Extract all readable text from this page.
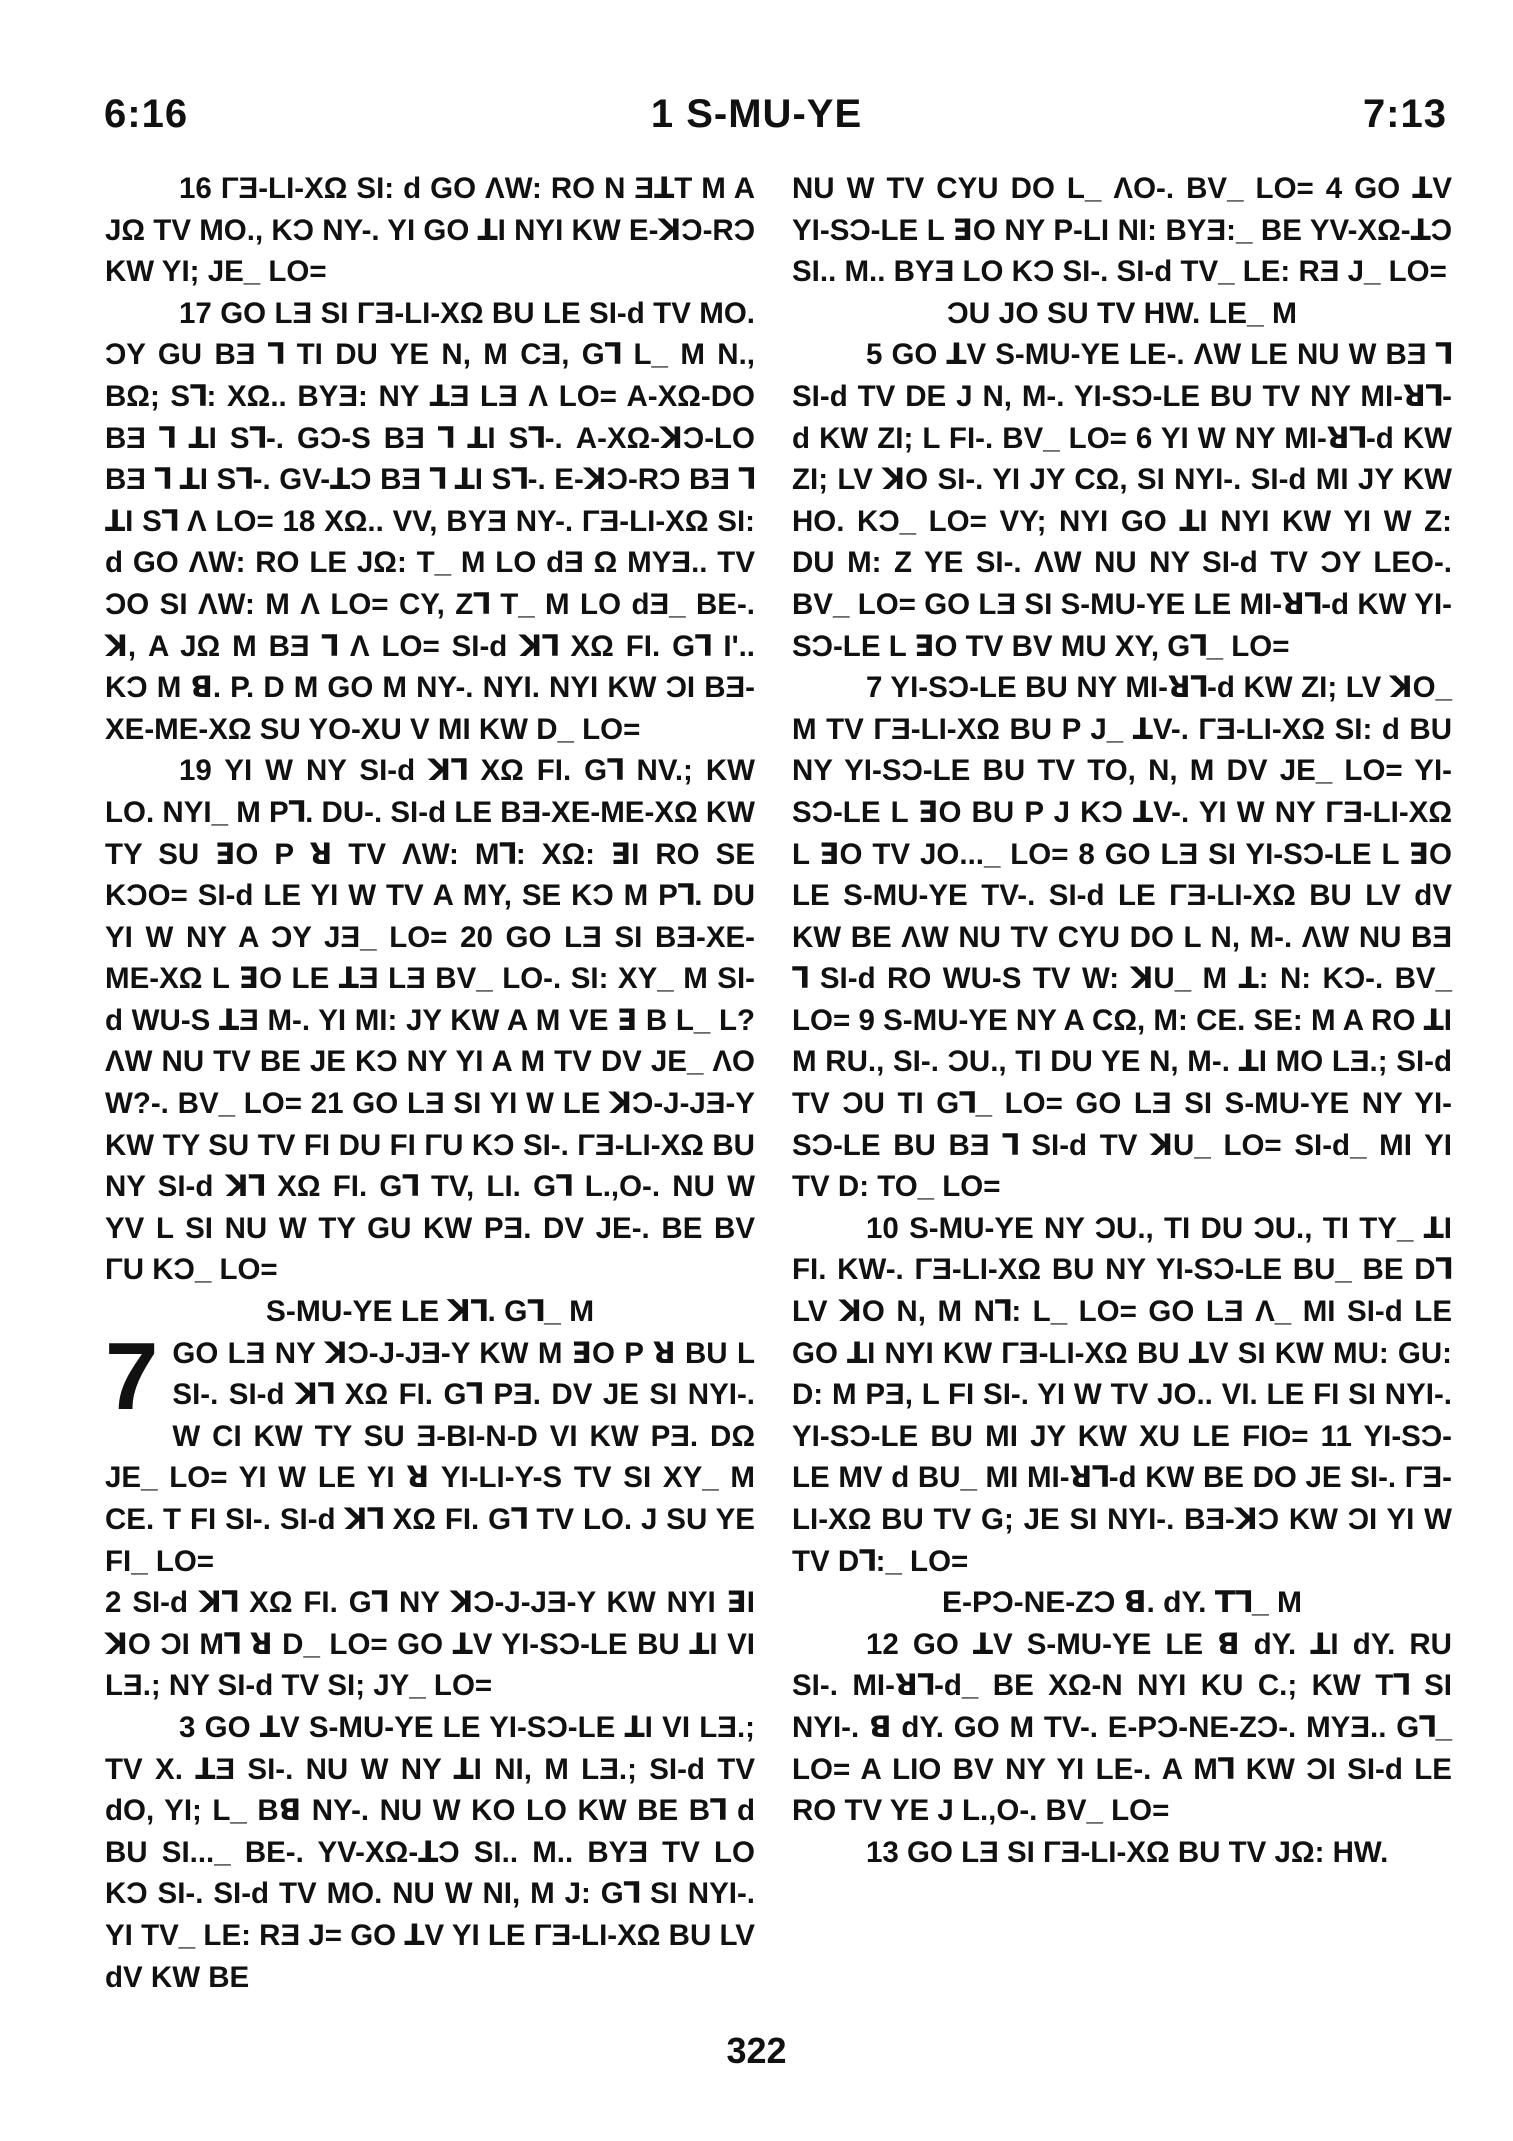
6:16	1 S-MU-YE	7:13

16 ΓƎ-LI-XΩ SI: d GO ΛW: RO N ƎꓕT M A JΩ TV MO., KƆ NY-. YI GO ꓕI NYI KW E-ꓘƆ-RƆ KW YI; JE_ LO=

17 GO LƎ SI ΓƎ-LI-XΩ BU LE SI-d TV MO. ƆY GU BƎ ꓶ TI DU YE N, M CƎ, Gꓶ L_ M N., BΩ; Sꓶ: XΩ.. BYƎ: NY ꓕƎ LƎ Λ LO= A-XΩ-DO BƎ ꓶ ꓕI Sꓶ-. GƆ-S BƎ ꓶ ꓕI Sꓶ-. A-XΩ-ꓘƆ-LO BƎ ꓶ ꓕI Sꓶ-. GV-ꓕƆ BƎ ꓶ ꓕI Sꓶ-. E-ꓘƆ-RƆ BƎ ꓶ ꓕI Sꓶ Λ LO= 18 XΩ.. VV, BYƎ NY-. ΓƎ-LI-XΩ SI: d GO ΛW: RO LE JΩ: T_ M LO dƎ Ω MYƎ.. TV ƆO SI ΛW: M Λ LO= CY, Zꓶ T_ M LO dƎ_ BE-. ꓘ, A JΩ M BƎ ꓶ Λ LO= SI-d ꓘꓶ XΩ FI. Gꓶ Iʹ.. KƆ M ꓭ. P. D M GO M NY-. NYI. NYI KW ƆI BƎ-XE-ME-XΩ SU YO-XU V MI KW D_ LO=

19 YI W NY SI-d ꓘꓶ XΩ FI. Gꓶ NV.; KW LO. NYI_ M Pꓶ. DU-. SI-d LE BƎ-XE-ME-XΩ KW TY SU ꓱO P ꓤ TV ΛW: Mꓶ: XΩ: ꓱI RO SE KƆO= SI-d LE YI W TV A MY, SE KƆ M Pꓶ. DU YI W NY A ƆY JƎ_ LO= 20 GO LƎ SI BƎ-XE-ME-XΩ L ꓱO LE ꓕƎ LƎ BV_ LO-. SI: XY_ M SI-d WU-S ꓕƎ M-. YI MI: JY KW A M VE ꓱ B L_ L? ΛW NU TV BE JE KƆ NY YI A M TV DV JE_ ΛO W?-. BV_ LO= 21 GO LƎ SI YI W LE ꓘƆ-J-JƎ-Y KW TY SU TV FI DU FI ΓU KƆ SI-. ΓƎ-LI-XΩ BU NY SI-d ꓘꓶ XΩ FI. Gꓶ TV, LI. Gꓶ L.,O-. NU W YV L SI NU W TY GU KW PƎ. DV JE-. BE BV ΓU KƆ_ LO=

S-MU-YE LE ꓘꓶ. Gꓶ_ M

7 GO LƎ NY ꓘƆ-J-JƎ-Y KW M ꓱO P ꓤ BU L SI-. SI-d ꓘꓶ XΩ FI. Gꓶ PƎ. DV JE SI NYI-. W CI KW TY SU Ǝ-BI-N-D VI KW PƎ. DΩ JE_ LO= YI W LE YI ꓤ YI-LI-Y-S TV SI XY_ M CE. T FI SI-. SI-d ꓘꓶ XΩ FI. Gꓶ TV LO. J SU YE FI_ LO=

2 SI-d ꓘꓶ XΩ FI. Gꓶ NY ꓘƆ-J-JƎ-Y KW NYI ꓱI ꓘO ƆI Mꓶ ꓤ D_ LO= GO ꓕV YI-SƆ-LE BU ꓕI VI LƎ.; NY SI-d TV SI; JY_ LO=

3 GO ꓕV S-MU-YE LE YI-SƆ-LE ꓕI VI LƎ.; TV X. ꓕƎ SI-. NU W NY ꓕI NI, M LƎ.; SI-d TV dO, YI; L_ Bꓭ NY-. NU W KO LO KW BE Bꓶ d BU SI..._ BE-. YV-XΩ-ꓕƆ SI.. M.. BYƎ TV LO KƆ SI-. SI-d TV MO. NU W NI, M J: Gꓶ SI NYI-. YI TV_ LE: RƎ J= GO ꓕV YI LE ΓƎ-LI-XΩ BU LV dV KW BE

NU W TV CYU DO L_ ΛO-. BV_ LO= 4 GO ꓕV YI-SƆ-LE L ꓱO NY P-LI NI: BYƎ:_ BE YV-XΩ-ꓕƆ SI.. M.. BYƎ LO KƆ SI-. SI-d TV_ LE: RƎ J_ LO=

ƆU JO SU TV HW. LE_ M

5 GO ꓕV S-MU-YE LE-. ΛW LE NU W BƎ ꓶ SI-d TV DE J N, M-. YI-SƆ-LE BU TV NY MI-ꓤꓶ-d KW ZI; L FI-. BV_ LO= 6 YI W NY MI-ꓤꓶ-d KW ZI; LV ꓘO SI-. YI JY CΩ, SI NYI-. SI-d MI JY KW HO. KƆ_ LO= VY; NYI GO ꓕI NYI KW YI W Z: DU M: Z YE SI-. ΛW NU NY SI-d TV ƆY LEO-. BV_ LO= GO LƎ SI S-MU-YE LE MI-ꓤꓶ-d KW YI-SƆ-LE L ꓱO TV BV MU XY, Gꓶ_ LO=

7 YI-SƆ-LE BU NY MI-ꓤꓶ-d KW ZI; LV ꓘO_ M TV ΓƎ-LI-XΩ BU P J_ ꓕV-. ΓƎ-LI-XΩ SI: d BU NY YI-SƆ-LE BU TV TO, N, M DV JE_ LO= YI-SƆ-LE L ꓱO BU P J KƆ ꓕV-. YI W NY ΓƎ-LI-XΩ L ꓱO TV JO..._ LO= 8 GO LƎ SI YI-SƆ-LE L ꓱO LE S-MU-YE TV-. SI-d LE ΓƎ-LI-XΩ BU LV dV KW BE ΛW NU TV CYU DO L N, M-. ΛW NU BƎ ꓶ SI-d RO WU-S TV W: ꓘU_ M ꓕ: N: KƆ-. BV_ LO= 9 S-MU-YE NY A CΩ, M: CE. SE: M A RO ꓕI M RU., SI-. ƆU., TI DU YE N, M-. ꓕI MO LƎ.; SI-d TV ƆU TI Gꓶ_ LO= GO LƎ SI S-MU-YE NY YI-SƆ-LE BU BƎ ꓶ SI-d TV ꓘU_ LO= SI-d_ MI YI TV D: TO_ LO=

10 S-MU-YE NY ƆU., TI DU ƆU., TI TY_ ꓕI FI. KW-. ΓƎ-LI-XΩ BU NY YI-SƆ-LE BU_ BE Dꓶ LV ꓘO N, M Nꓶ: L_ LO= GO LƎ Λ_ MI SI-d LE GO ꓕI NYI KW ΓƎ-LI-XΩ BU ꓕV SI KW MU: GU: D: M PƎ, L FI SI-. YI W TV JO.. VI. LE FI SI NYI-. YI-SƆ-LE BU MI JY KW XU LE FIO= 11 YI-SƆ-LE MV d BU_ MI MI-ꓤꓶ-d KW BE DO JE SI-. ΓƎ-LI-XΩ BU TV G; JE SI NYI-. BƎ-ꓘƆ KW ƆI YI W TV Dꓶ:_ LO=

E-PƆ-NE-ZƆ ꓭ. dY. ꓔꓶ_ M

12 GO ꓕV S-MU-YE LE ꓭ dY. ꓕI dY. RU SI-. MI-ꓤꓶ-d_ BE XΩ-N NYI KU C.; KW Tꓶ SI NYI-. ꓭ dY. GO M TV-. E-PƆ-NE-ZƆ-. MYƎ.. Gꓶ_ LO= A LIO BV NY YI LE-. A Mꓶ KW ƆI SI-d LE RO TV YE J L.,O-. BV_ LO=

13 GO LƎ SI ΓƎ-LI-XΩ BU TV JΩ: HW.

322
